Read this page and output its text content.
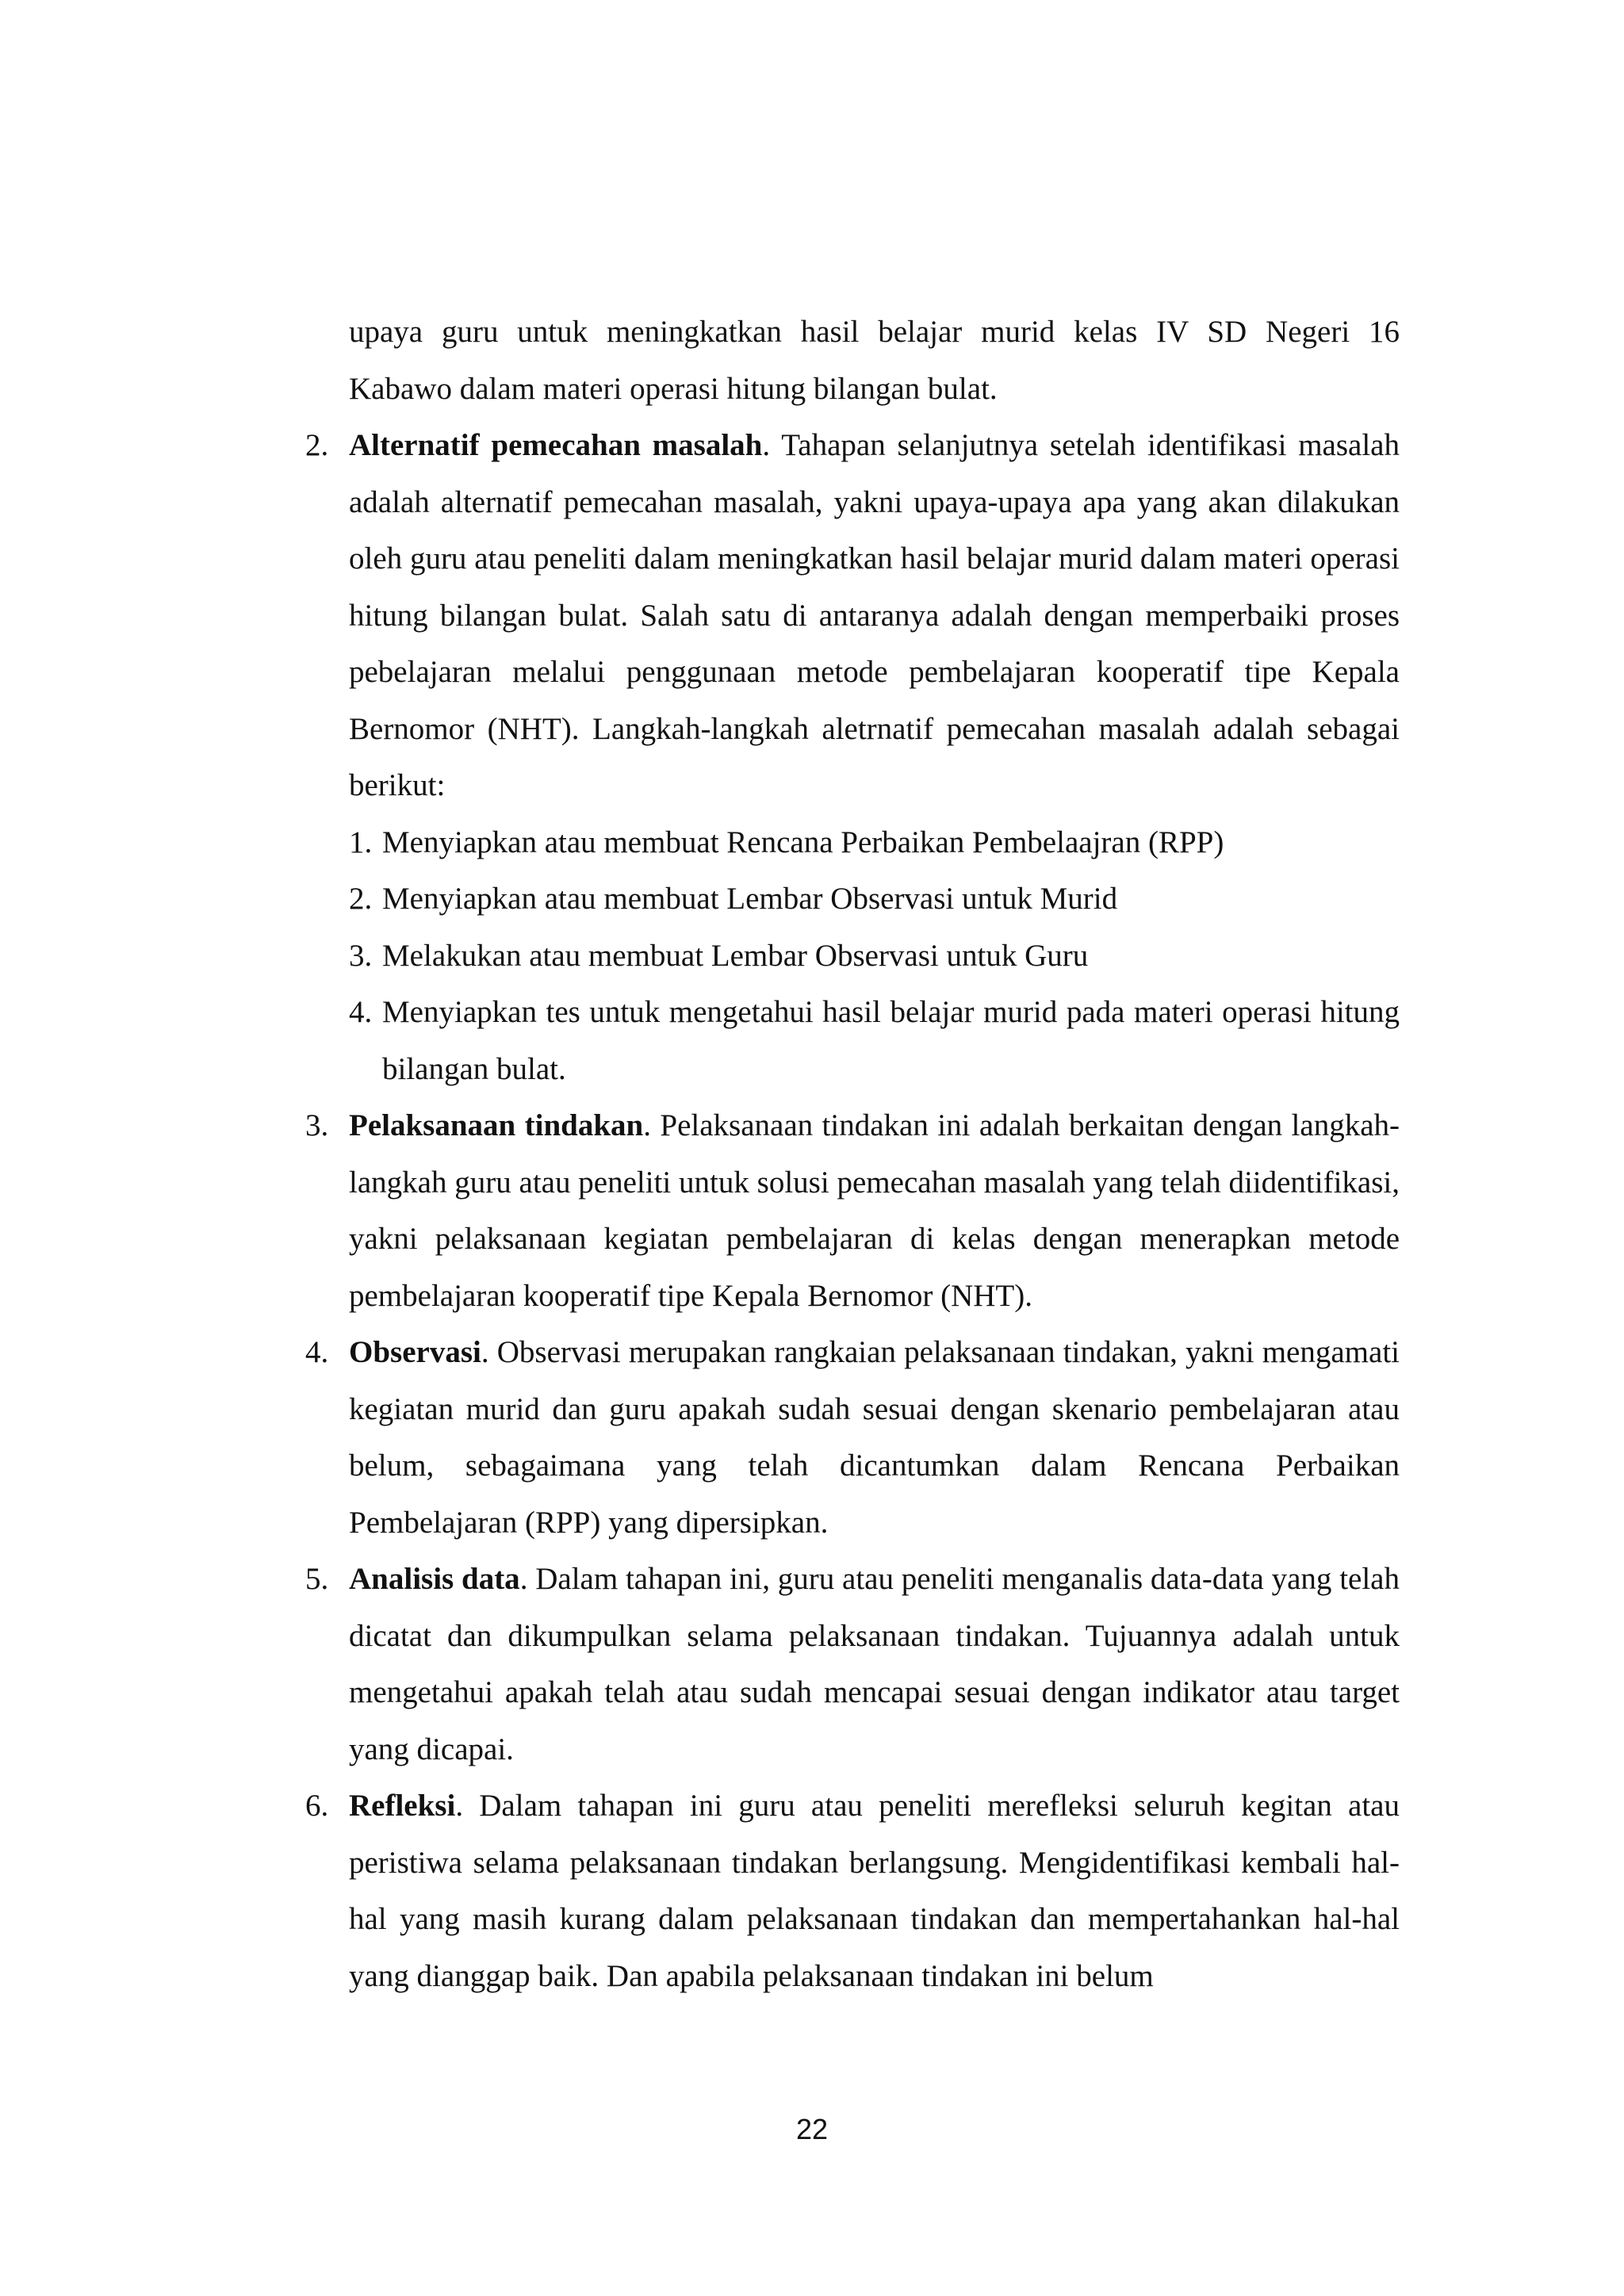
upaya guru untuk meningkatkan hasil belajar murid kelas IV SD Negeri 16

Kabawo dalam materi operasi hitung bilangan bulat.

2. Alternatif pemecahan masalah. Tahapan selanjutnya setelah identifikasi masalah adalah alternatif pemecahan masalah, yakni upaya-upaya apa yang akan dilakukan oleh guru atau peneliti dalam meningkatkan hasil belajar murid dalam materi operasi hitung bilangan bulat. Salah satu di antaranya adalah dengan memperbaiki proses pebelajaran melalui penggunaan metode pembelajaran kooperatif tipe Kepala Bernomor (NHT). Langkah-langkah aletrnatif pemecahan masalah adalah sebagai berikut:
1. Menyiapkan atau membuat Rencana Perbaikan Pembelaajran (RPP)
2. Menyiapkan atau membuat Lembar Observasi untuk Murid
3. Melakukan atau membuat Lembar Observasi untuk Guru
4. Menyiapkan tes untuk mengetahui hasil belajar murid pada materi operasi hitung bilangan bulat.
3. Pelaksanaan tindakan. Pelaksanaan tindakan ini adalah berkaitan dengan langkah-langkah guru atau peneliti untuk solusi pemecahan masalah yang telah diidentifikasi, yakni pelaksanaan kegiatan pembelajaran di kelas dengan menerapkan metode pembelajaran kooperatif tipe Kepala Bernomor (NHT).
4. Observasi. Observasi merupakan rangkaian pelaksanaan tindakan, yakni mengamati kegiatan murid dan guru apakah sudah sesuai dengan skenario pembelajaran atau belum, sebagaimana yang telah dicantumkan dalam Rencana Perbaikan Pembelajaran (RPP) yang dipersipkan.
5. Analisis data. Dalam tahapan ini, guru atau peneliti menganalis data-data yang telah dicatat dan dikumpulkan selama pelaksanaan tindakan. Tujuannya adalah untuk mengetahui apakah telah atau sudah mencapai sesuai dengan indikator atau target yang dicapai.
6. Refleksi. Dalam tahapan ini guru atau peneliti merefleksi seluruh kegitan atau peristiwa selama pelaksanaan tindakan berlangsung. Mengidentifikasi kembali hal-hal yang masih kurang dalam pelaksanaan tindakan dan mempertahankan hal-hal yang dianggap baik. Dan apabila pelaksanaan tindakan ini belum
22
